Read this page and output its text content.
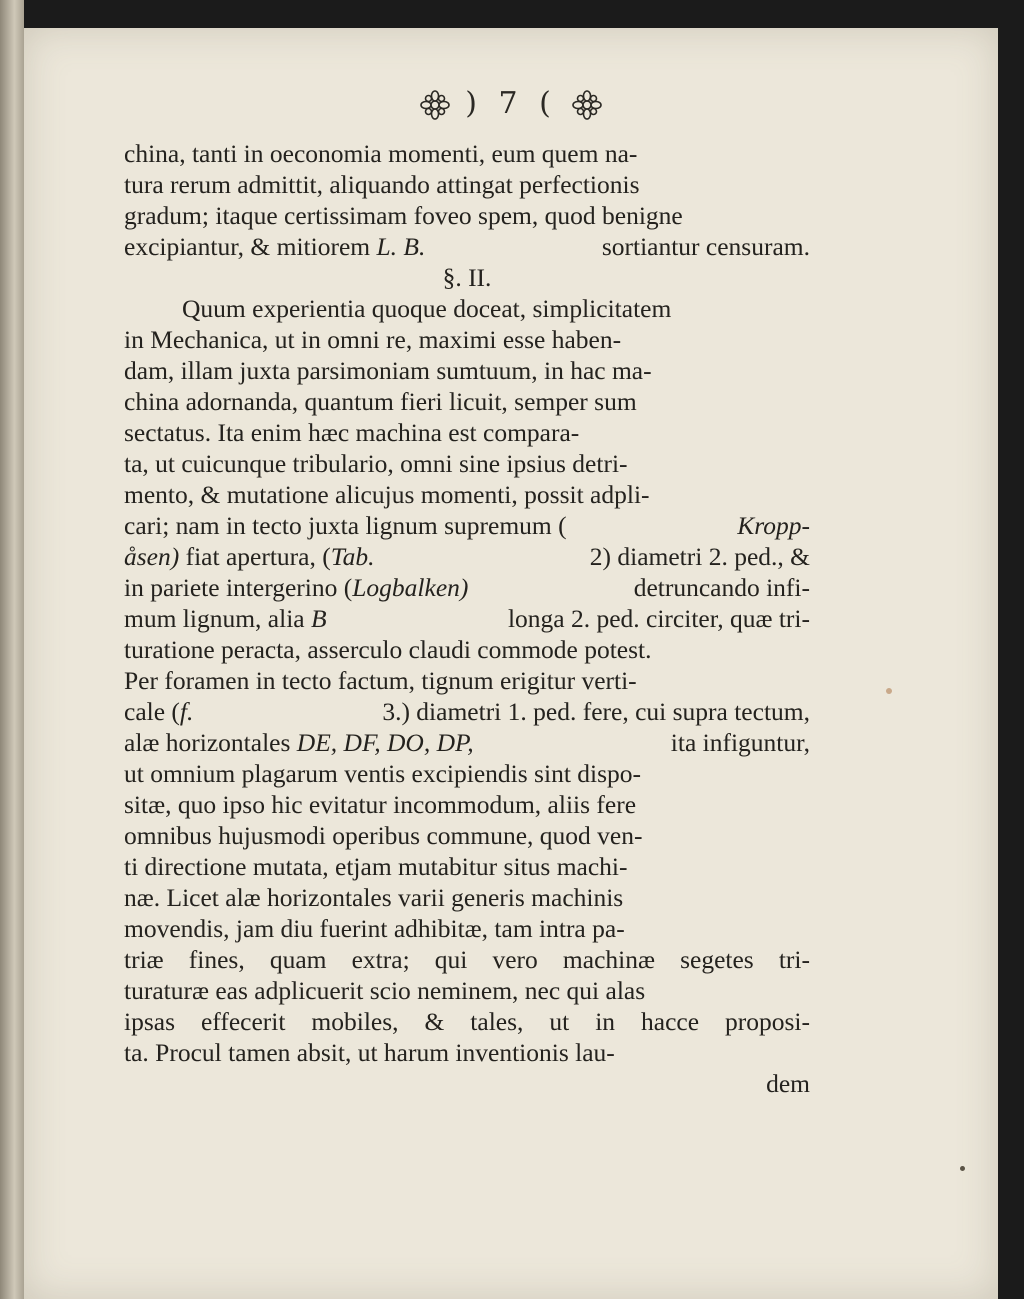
) 7 (
china, tanti in oeconomia momenti, eum quem na-
tura rerum admittit, aliquando attingat perfectionis
gradum; itaque certissimam foveo spem, quod benigne
excipiantur, & mitiorem L. B.	sortiantur censuram.
§. II.
Quum experientia quoque doceat, simplicitatem
in Mechanica, ut in omni re, maximi esse haben-
dam, illam juxta parsimoniam sumtuum, in hac ma-
china adornanda, quantum fieri licuit, semper sum
sectatus. Ita enim hæc machina est compara-
ta, ut cuicunque tribulario, omni sine ipsius detri-
mento, & mutatione alicujus momenti, possit adpli-
cari; nam in tecto juxta lignum supremum (	Kropp-
åsen) fiat apertura, (Tab.	2) diametri 2. ped., &
in pariete intergerino (Logbalken)	detruncando infi-
mum lignum, alia B	longa 2. ped. circiter, quæ tri-
turatione peracta, asserculo claudi commode potest.
Per foramen in tecto factum, tignum erigitur verti-
cale (f.	3.) diametri 1. ped. fere, cui supra tectum,
alæ horizontales DE, DF, DO, DP,	ita infiguntur,
ut omnium plagarum ventis excipiendis sint dispo-
sitæ, quo ipso hic evitatur incommodum, aliis fere
omnibus hujusmodi operibus commune, quod ven-
ti directione mutata, etjam mutabitur situs machi-
næ. Licet alæ horizontales varii generis machinis
movendis, jam diu fuerint adhibitæ, tam intra pa-
triæ fines, quam extra; qui vero machinæ segetes tri-
turaturæ eas adplicuerit scio neminem, nec qui alas
ipsas effecerit mobiles, & tales, ut in hacce proposi-
ta. Procul tamen absit, ut harum inventionis lau-
dem
